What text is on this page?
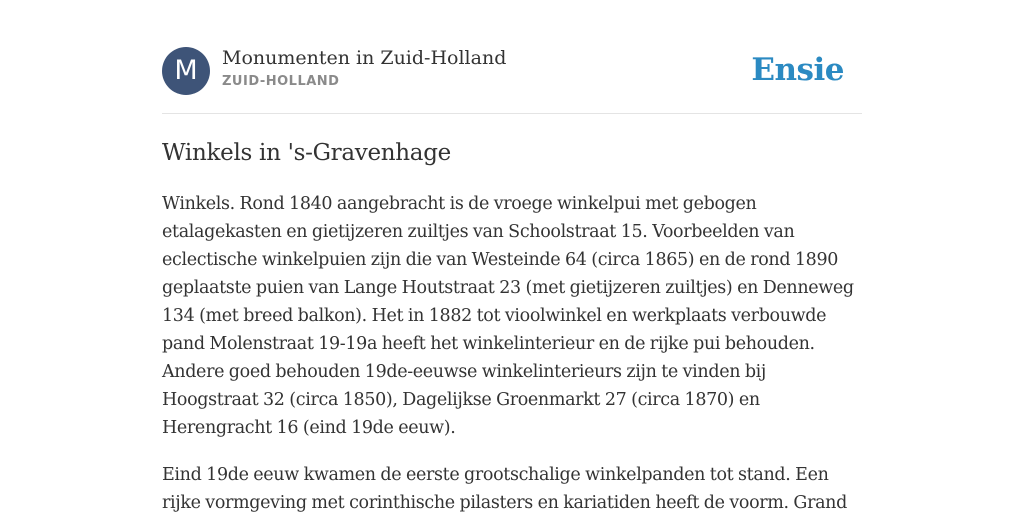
M	Monumenten in Zuid-Holland
ZUID-HOLLAND	Ensie
Winkels in 's-Gravenhage

Winkels. Rond 1840 aangebracht is de vroege winkelpui met gebogen etalagekasten en gietijzeren zuiltjes van Schoolstraat 15. Voorbeelden van eclectische winkelpuien zijn die van Westeinde 64 (circa 1865) en de rond 1890 geplaatste puien van Lange Houtstraat 23 (met gietijzeren zuiltjes) en Denneweg 134 (met breed balkon). Het in 1882 tot vioolwinkel en werkplaats verbouwde pand Molenstraat 19-19a heeft het winkelinterieur en de rijke pui behouden. Andere goed behouden 19de-eeuwse winkelinterieurs zijn te vinden bij Hoogstraat 32 (circa 1850), Dagelijkse Groenmarkt 27 (circa 1870) en Herengracht 16 (eind 19de eeuw).

Eind 19de eeuw kwamen de eerste grootschalige winkelpanden tot stand. Een rijke vormgeving met corinthische pilasters en kariatiden heeft de voorm. Grand
